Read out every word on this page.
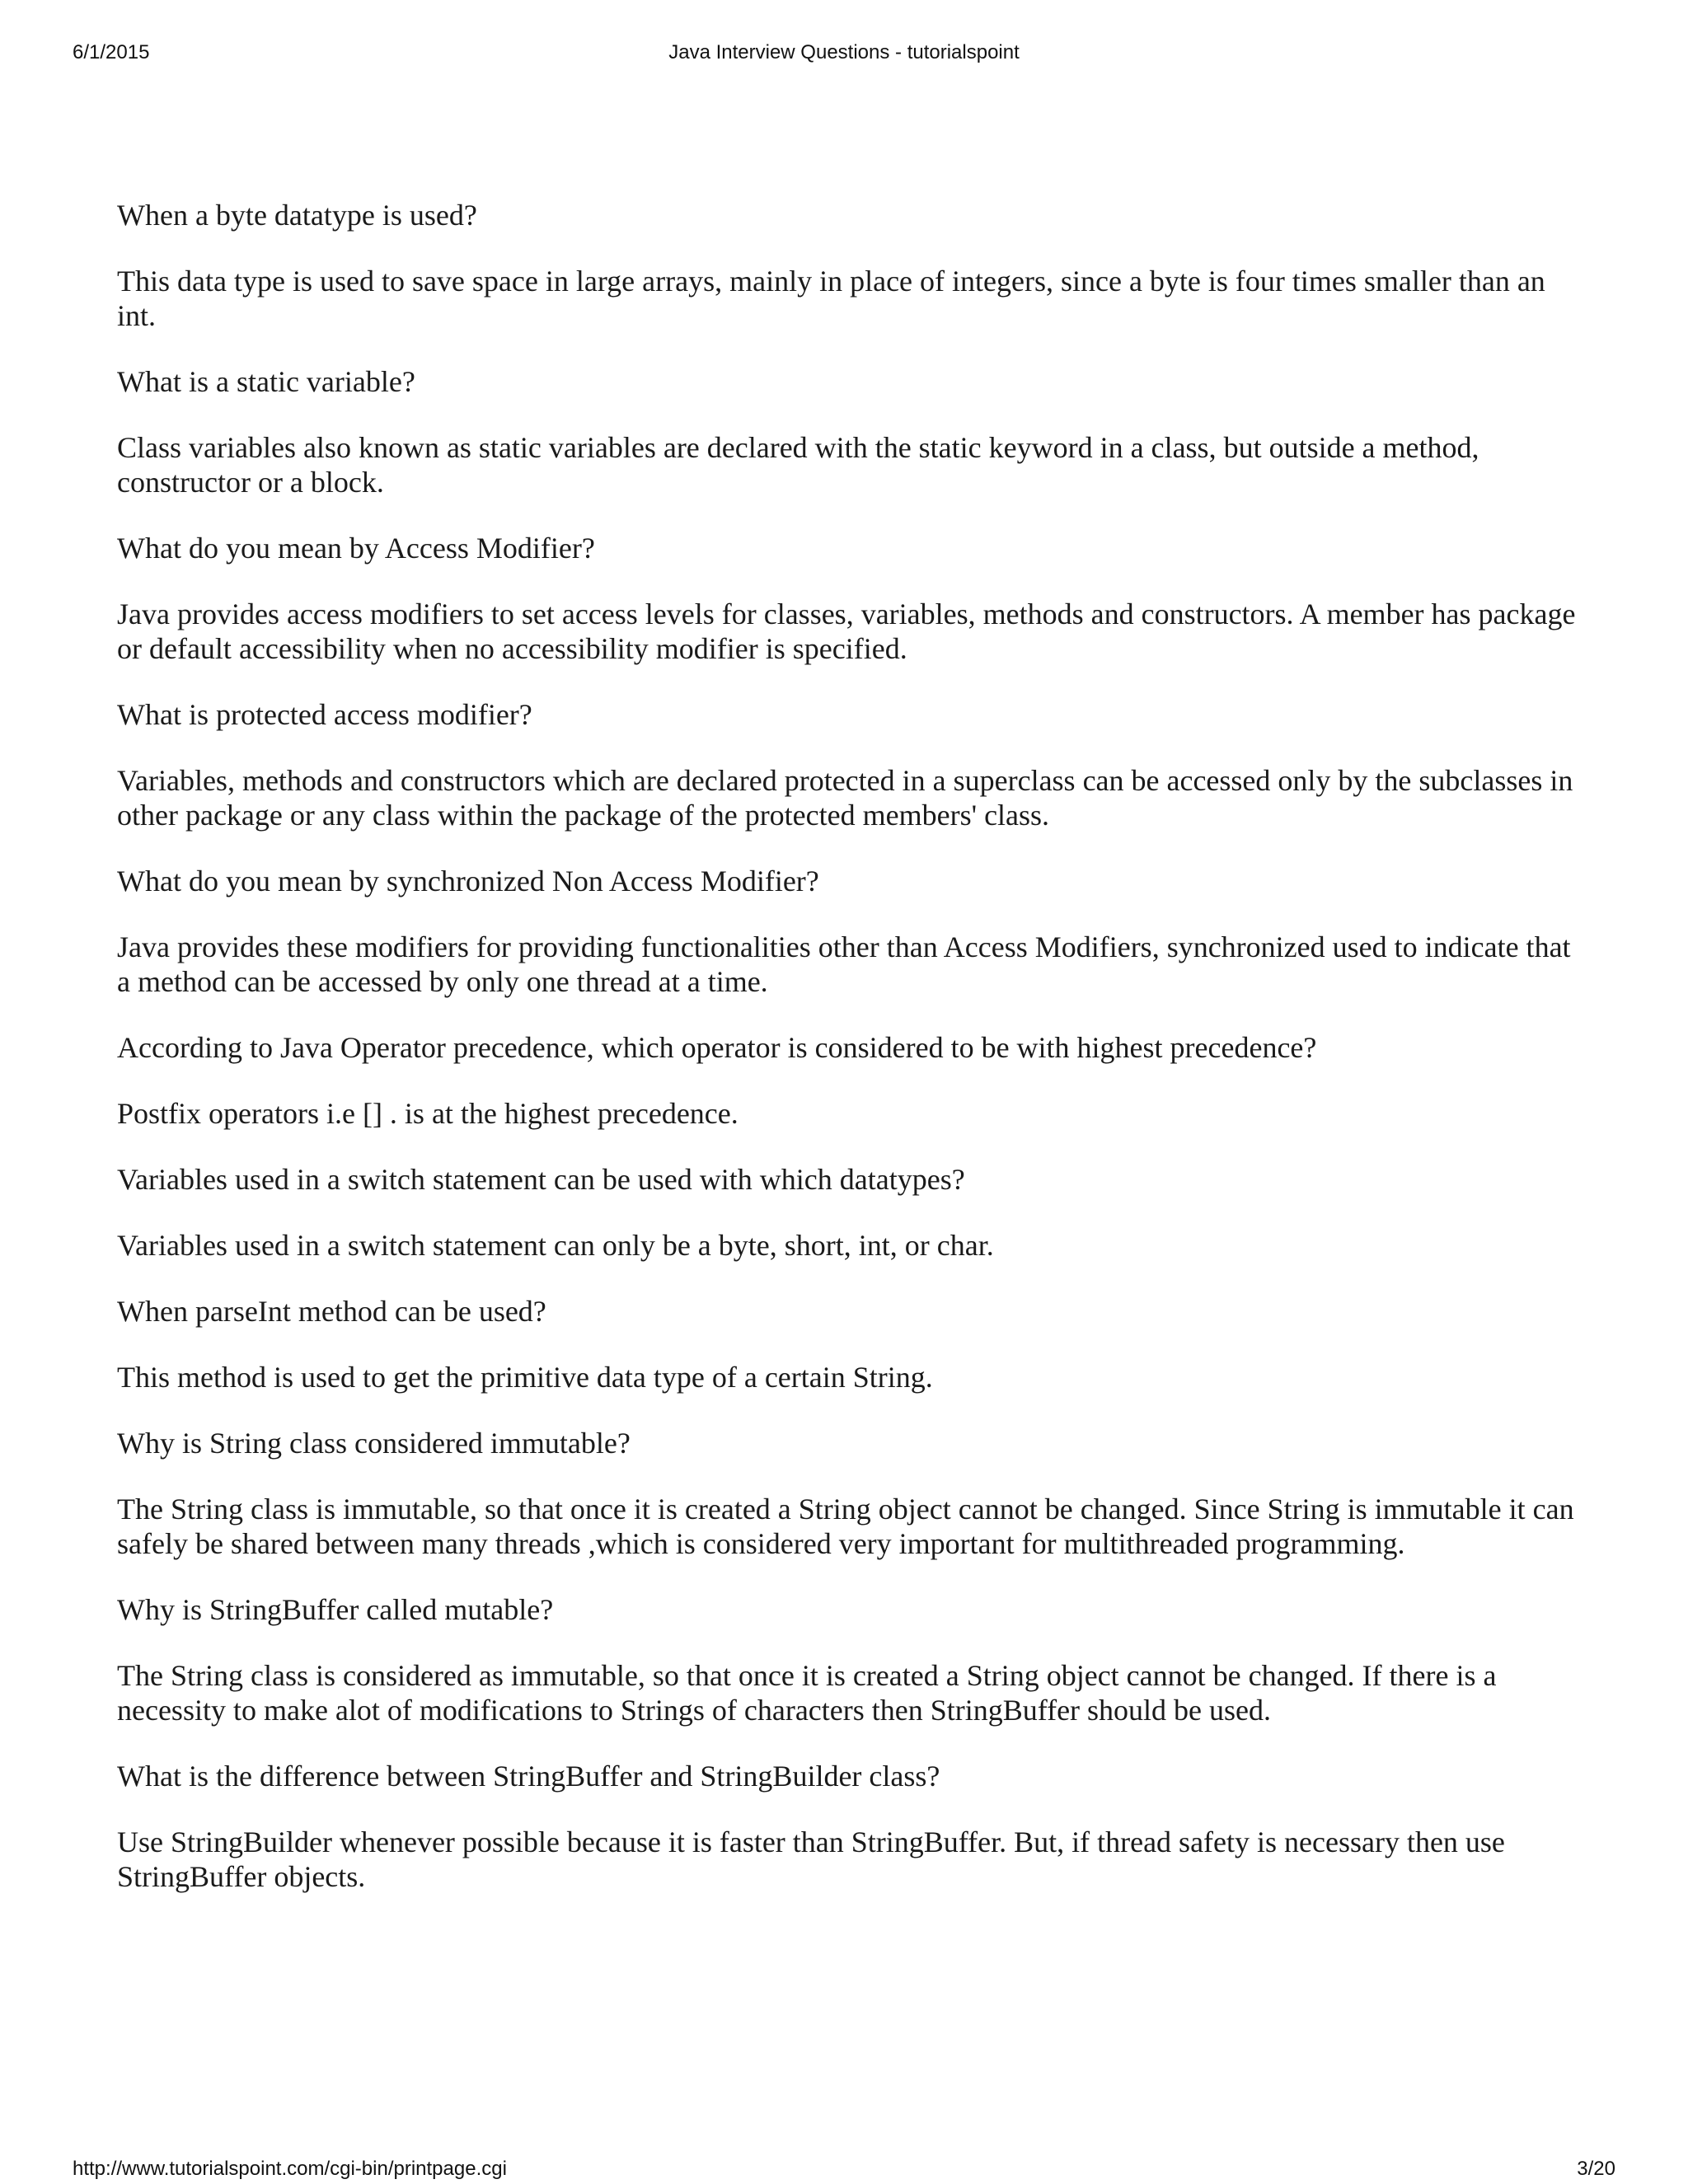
6/1/2015	Java Interview Questions - tutorialspoint

When a byte datatype is used?

This data type is used to save space in large arrays, mainly in place of integers, since a byte is four times smaller than an int.

What is a static variable?

Class variables also known as static variables are declared with the static keyword in a class, but outside a method, constructor or a block.

What do you mean by Access Modifier?

Java provides access modifiers to set access levels for classes, variables, methods and constructors. A member has package or default accessibility when no accessibility modifier is specified.

What is protected access modifier?

Variables, methods and constructors which are declared protected in a superclass can be accessed only by the subclasses in other package or any class within the package of the protected members' class.

What do you mean by synchronized Non Access Modifier?

Java provides these modifiers for providing functionalities other than Access Modifiers, synchronized used to indicate that a method can be accessed by only one thread at a time.

According to Java Operator precedence, which operator is considered to be with highest precedence?

Postfix operators i.e [] . is at the highest precedence.

Variables used in a switch statement can be used with which datatypes?

Variables used in a switch statement can only be a byte, short, int, or char.

When parseInt method can be used?

This method is used to get the primitive data type of a certain String.

Why is String class considered immutable?

The String class is immutable, so that once it is created a String object cannot be changed. Since String is immutable it can safely be shared between many threads ,which is considered very important for multithreaded programming.

Why is StringBuffer called mutable?

The String class is considered as immutable, so that once it is created a String object cannot be changed. If there is a necessity to make alot of modifications to Strings of characters then StringBuffer should be used.

What is the difference between StringBuffer and StringBuilder class?

Use StringBuilder whenever possible because it is faster than StringBuffer. But, if thread safety is necessary then use StringBuffer objects.

http://www.tutorialspoint.com/cgi-bin/printpage.cgi	3/20
